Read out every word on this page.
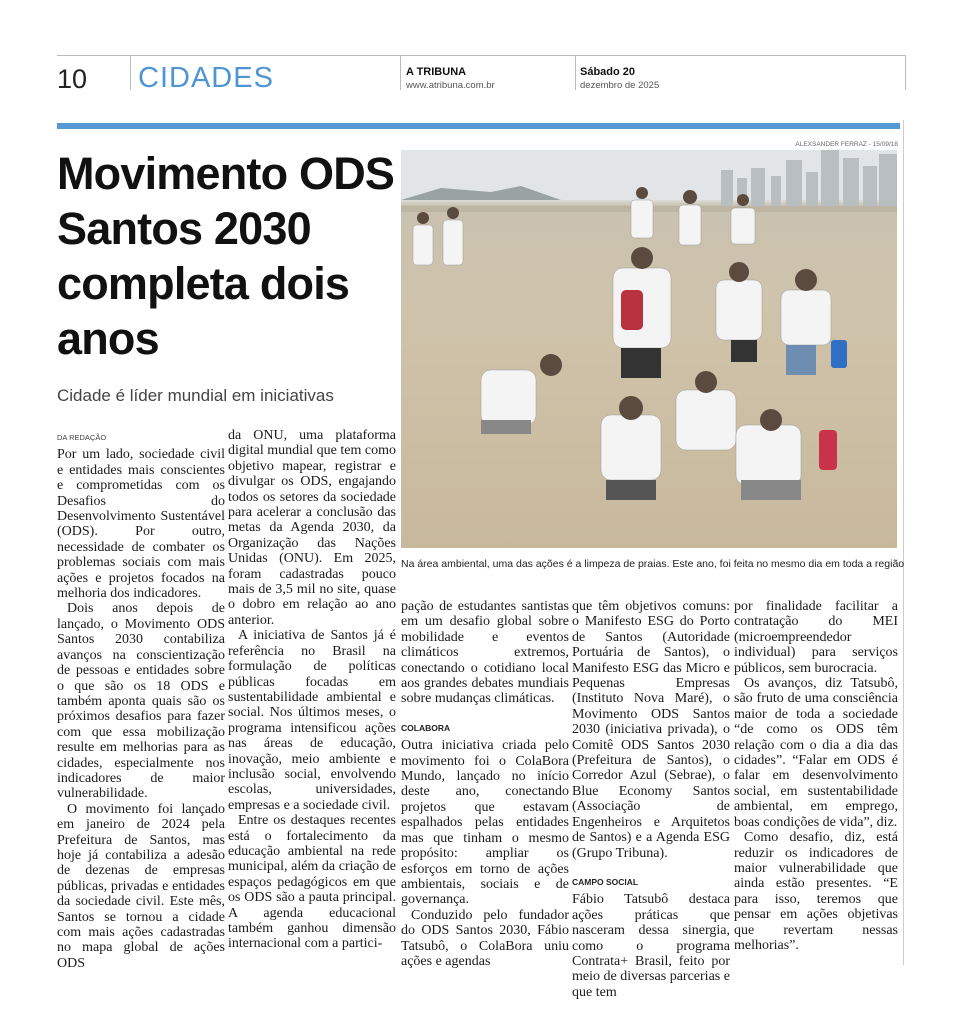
10 CIDADES	A TRIBUNA
www.atribuna.com.br
Sábado 20
dezembro de 2025
Movimento ODS Santos 2030 completa dois anos
Cidade é líder mundial em iniciativas
ALEXSANDER FERRAZ - 15/09/18
Na área ambiental, uma das ações é a limpeza de praias. Este ano, foi feita no mesmo dia em toda a região
DA REDAÇÃO

Por um lado, sociedade civil e entidades mais conscientes e comprometidas com os Desafios do Desenvolvimento Sustentável (ODS). Por outro, necessidade de combater os problemas sociais com mais ações e projetos focados na melhoria dos indicadores.

Dois anos depois de lançado, o Movimento ODS Santos 2030 contabiliza avanços na conscientização de pessoas e entidades sobre o que são os 18 ODS e também aponta quais são os próximos desafios para fazer com que essa mobilização resulte em melhorias para as cidades, especialmente nos indicadores de maior vulnerabilidade.

O movimento foi lançado em janeiro de 2024 pela Prefeitura de Santos, mas hoje já contabiliza a adesão de dezenas de empresas públicas, privadas e entidades da sociedade civil. Este mês, Santos se tornou a cidade com mais ações cadastradas no mapa global de ações ODS

da ONU, uma plataforma digital mundial que tem como objetivo mapear, registrar e divulgar os ODS, engajando todos os setores da sociedade para acelerar a conclusão das metas da Agenda 2030, da Organização das Nações Unidas (ONU). Em 2025, foram cadastradas pouco mais de 3,5 mil no site, quase o dobro em relação ao ano anterior.

A iniciativa de Santos já é referência no Brasil na formulação de políticas públicas focadas em sustentabilidade ambiental e social. Nos últimos meses, o programa intensificou ações nas áreas de educação, inovação, meio ambiente e inclusão social, envolvendo escolas, universidades, empresas e a sociedade civil.

Entre os destaques recentes está o fortalecimento da educação ambiental na rede municipal, além da criação de espaços pedagógicos em que os ODS são a pauta principal. A agenda educacional também ganhou dimensão internacional com a partici-

pação de estudantes santistas em um desafio global sobre mobilidade e eventos climáticos extremos, conectando o cotidiano local aos grandes debates mundiais sobre mudanças climáticas.

COLABORA

Outra iniciativa criada pelo movimento foi o ColaBora Mundo, lançado no início deste ano, conectando projetos que estavam espalhados pelas entidades mas que tinham o mesmo propósito: ampliar os esforços em torno de ações ambientais, sociais e de governança.

Conduzido pelo fundador do ODS Santos 2030, Fábio Tatsubô, o ColaBora uniu ações e agendas

que têm objetivos comuns: o Manifesto ESG do Porto de Santos (Autoridade Portuária de Santos), o Manifesto ESG das Micro e Pequenas Empresas (Instituto Nova Maré), o Movimento ODS Santos 2030 (iniciativa privada), o Comitê ODS Santos 2030 (Prefeitura de Santos), o Corredor Azul (Sebrae), o Blue Economy Santos (Associação de Engenheiros e Arquitetos de Santos) e a Agenda ESG (Grupo Tribuna).

CAMPO SOCIAL

Fábio Tatsubô destaca ações práticas que nasceram dessa sinergia, como o programa Contrata+ Brasil, feito por meio de diversas parcerias e que tem

por finalidade facilitar a contratação do MEI (microempreendedor individual) para serviços públicos, sem burocracia.

Os avanços, diz Tatsubô, são fruto de uma consciência maior de toda a sociedade “de como os ODS têm relação com o dia a dia das cidades”. “Falar em ODS é falar em desenvolvimento social, em sustentabilidade ambiental, em emprego, boas condições de vida”, diz.

Como desafio, diz, está reduzir os indicadores de maior vulnerabilidade que ainda estão presentes. “E para isso, teremos que pensar em ações objetivas que revertam nessas melhorias”.
